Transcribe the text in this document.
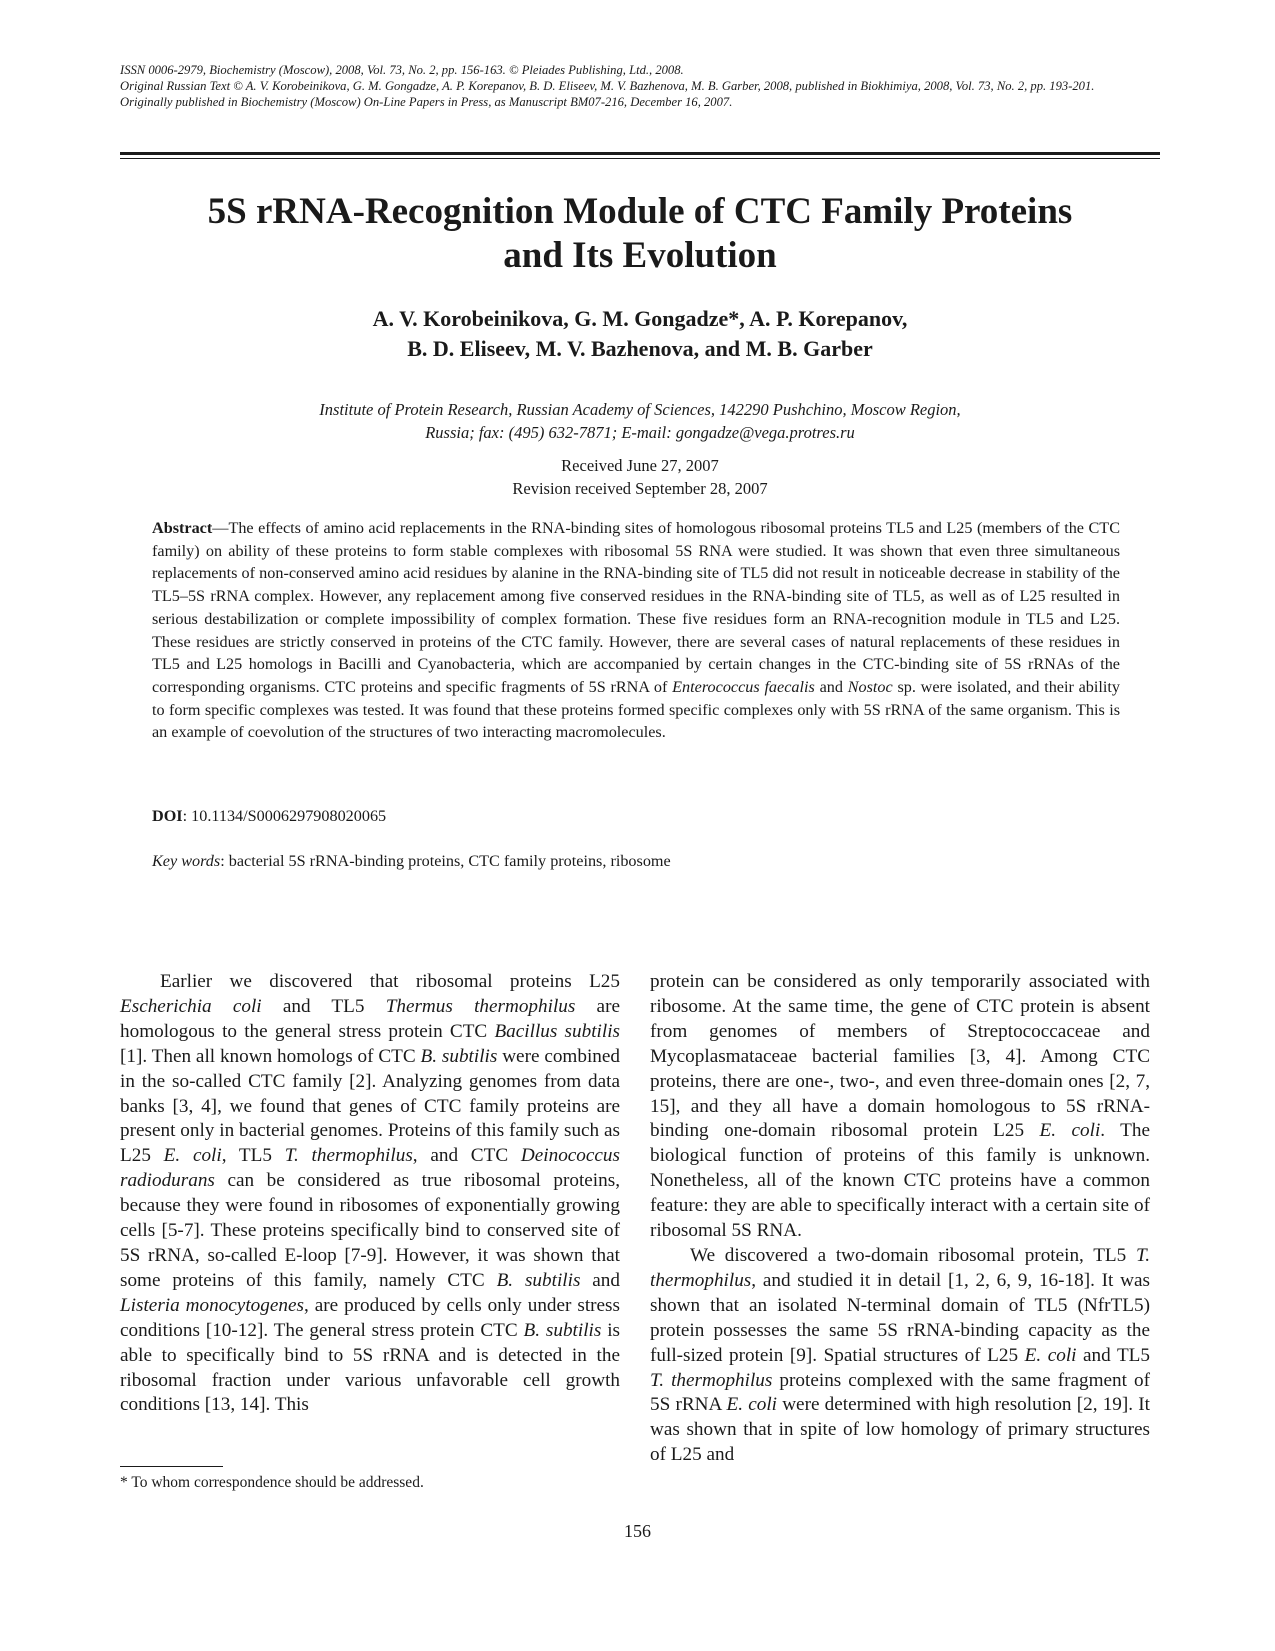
ISSN 0006-2979, Biochemistry (Moscow), 2008, Vol. 73, No. 2, pp. 156-163. © Pleiades Publishing, Ltd., 2008.
Original Russian Text © A. V. Korobeinikova, G. M. Gongadze, A. P. Korepanov, B. D. Eliseev, M. V. Bazhenova, M. B. Garber, 2008, published in Biokhimiya, 2008, Vol. 73, No. 2, pp. 193-201.
Originally published in Biochemistry (Moscow) On-Line Papers in Press, as Manuscript BM07-216, December 16, 2007.
5S rRNA-Recognition Module of CTC Family Proteins
and Its Evolution
A. V. Korobeinikova, G. M. Gongadze*, A. P. Korepanov,
B. D. Eliseev, M. V. Bazhenova, and M. B. Garber
Institute of Protein Research, Russian Academy of Sciences, 142290 Pushchino, Moscow Region,
Russia; fax: (495) 632-7871; E-mail: gongadze@vega.protres.ru
Received June 27, 2007
Revision received September 28, 2007
Abstract—The effects of amino acid replacements in the RNA-binding sites of homologous ribosomal proteins TL5 and L25 (members of the CTC family) on ability of these proteins to form stable complexes with ribosomal 5S RNA were studied. It was shown that even three simultaneous replacements of non-conserved amino acid residues by alanine in the RNA-binding site of TL5 did not result in noticeable decrease in stability of the TL5–5S rRNA complex. However, any replacement among five conserved residues in the RNA-binding site of TL5, as well as of L25 resulted in serious destabilization or complete impossibility of complex formation. These five residues form an RNA-recognition module in TL5 and L25. These residues are strictly conserved in proteins of the CTC family. However, there are several cases of natural replacements of these residues in TL5 and L25 homologs in Bacilli and Cyanobacteria, which are accompanied by certain changes in the CTC-binding site of 5S rRNAs of the corresponding organisms. CTC proteins and specific fragments of 5S rRNA of Enterococcus faecalis and Nostoc sp. were isolated, and their ability to form specific complexes was tested. It was found that these proteins formed specific complexes only with 5S rRNA of the same organism. This is an example of coevolution of the structures of two interacting macromolecules.
DOI: 10.1134/S0006297908020065
Key words: bacterial 5S rRNA-binding proteins, CTC family proteins, ribosome

Earlier we discovered that ribosomal proteins L25 Escherichia coli and TL5 Thermus thermophilus are homologous to the general stress protein CTC Bacillus subtilis [1]. Then all known homologs of CTC B. subtilis were combined in the so-called CTC family [2]. Analyzing genomes from data banks [3, 4], we found that genes of CTC family proteins are present only in bacterial genomes. Proteins of this family such as L25 E. coli, TL5 T. thermophilus, and CTC Deinococcus radiodurans can be considered as true ribosomal proteins, because they were found in ribosomes of exponentially growing cells [5-7]. These proteins specifically bind to conserved site of 5S rRNA, so-called E-loop [7-9]. However, it was shown that some proteins of this family, namely CTC B. subtilis and Listeria monocytogenes, are produced by cells only under stress conditions [10-12]. The general stress protein CTC B. subtilis is able to specifically bind to 5S rRNA and is detected in the ribosomal fraction under various unfavorable cell growth conditions [13, 14]. This

protein can be considered as only temporarily associated with ribosome. At the same time, the gene of CTC protein is absent from genomes of members of Streptococcaceae and Mycoplasmataceae bacterial families [3, 4]. Among CTC proteins, there are one-, two-, and even three-domain ones [2, 7, 15], and they all have a domain homologous to 5S rRNA-binding one-domain ribosomal protein L25 E. coli. The biological function of proteins of this family is unknown. Nonetheless, all of the known CTC proteins have a common feature: they are able to specifically interact with a certain site of ribosomal 5S RNA.

We discovered a two-domain ribosomal protein, TL5 T. thermophilus, and studied it in detail [1, 2, 6, 9, 16-18]. It was shown that an isolated N-terminal domain of TL5 (NfrTL5) protein possesses the same 5S rRNA-binding capacity as the full-sized protein [9]. Spatial structures of L25 E. coli and TL5 T. thermophilus proteins complexed with the same fragment of 5S rRNA E. coli were determined with high resolution [2, 19]. It was shown that in spite of low homology of primary structures of L25 and

* To whom correspondence should be addressed.
156
